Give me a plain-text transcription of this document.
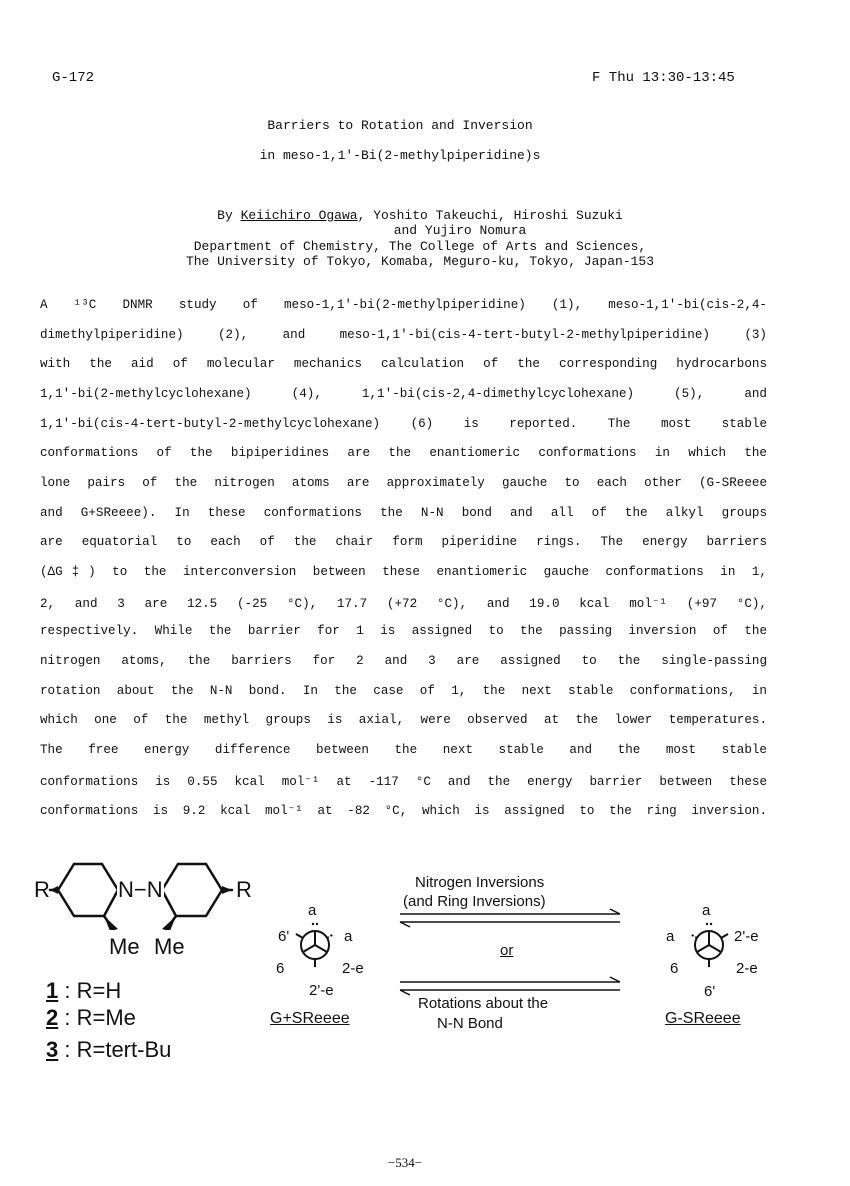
G-172	F Thu 13:30-13:45
Barriers to Rotation and Inversion
in meso-1,1'-Bi(2-methylpiperidine)s
By Keiichiro Ogawa, Yoshito Takeuchi, Hiroshi Suzuki
and Yujiro Nomura
Department of Chemistry, The College of Arts and Sciences,
The University of Tokyo, Komaba, Meguro-ku, Tokyo, Japan-153
A ¹³C DNMR study of meso-1,1'-bi(2-methylpiperidine) (1), meso-1,1'-bi(cis-2,4-
dimethylpiperidine) (2), and meso-1,1'-bi(cis-4-tert-butyl-2-methylpiperidine) (3)
with the aid of molecular mechanics calculation of the corresponding hydrocarbons
1,1'-bi(2-methylcyclohexane) (4), 1,1'-bi(cis-2,4-dimethylcyclohexane) (5), and
1,1'-bi(cis-4-tert-butyl-2-methylcyclohexane) (6) is reported. The most stable
conformations of the bipiperidines are the enantiomeric conformations in which the
lone pairs of the nitrogen atoms are approximately gauche to each other (G-SReeee
and G+SReeee). In these conformations the N-N bond and all of the alkyl groups
are equatorial to each of the chair form piperidine rings. The energy barriers
(ΔG‡) to the interconversion between these enantiomeric gauche conformations in 1,
2, and 3 are 12.5 (-25 °C), 17.7 (+72 °C), and 19.0 kcal mol⁻¹ (+97 °C),
respectively. While the barrier for 1 is assigned to the passing inversion of the
nitrogen atoms, the barriers for 2 and 3 are assigned to the single-passing
rotation about the N-N bond. In the case of 1, the next stable conformations, in
which one of the methyl groups is axial, were observed at the lower temperatures.
The free energy difference between the next stable and the most stable
conformations is 0.55 kcal mol⁻¹ at -117 °C and the energy barrier between these
conformations is 9.2 kcal mol⁻¹ at -82 °C, which is assigned to the ring inversion.
R	R
N−N
Me Me
1 : R=H
2 : R=Me
3 : R=tert-Bu
a
6'	a
6	2-e
2'-e
G+SReeee
Nitrogen Inversions
(and Ring Inversions)
or
Rotations about the
N-N Bond
a
a	2'-e
6	2-e
6'
G-SReeee
−534−
